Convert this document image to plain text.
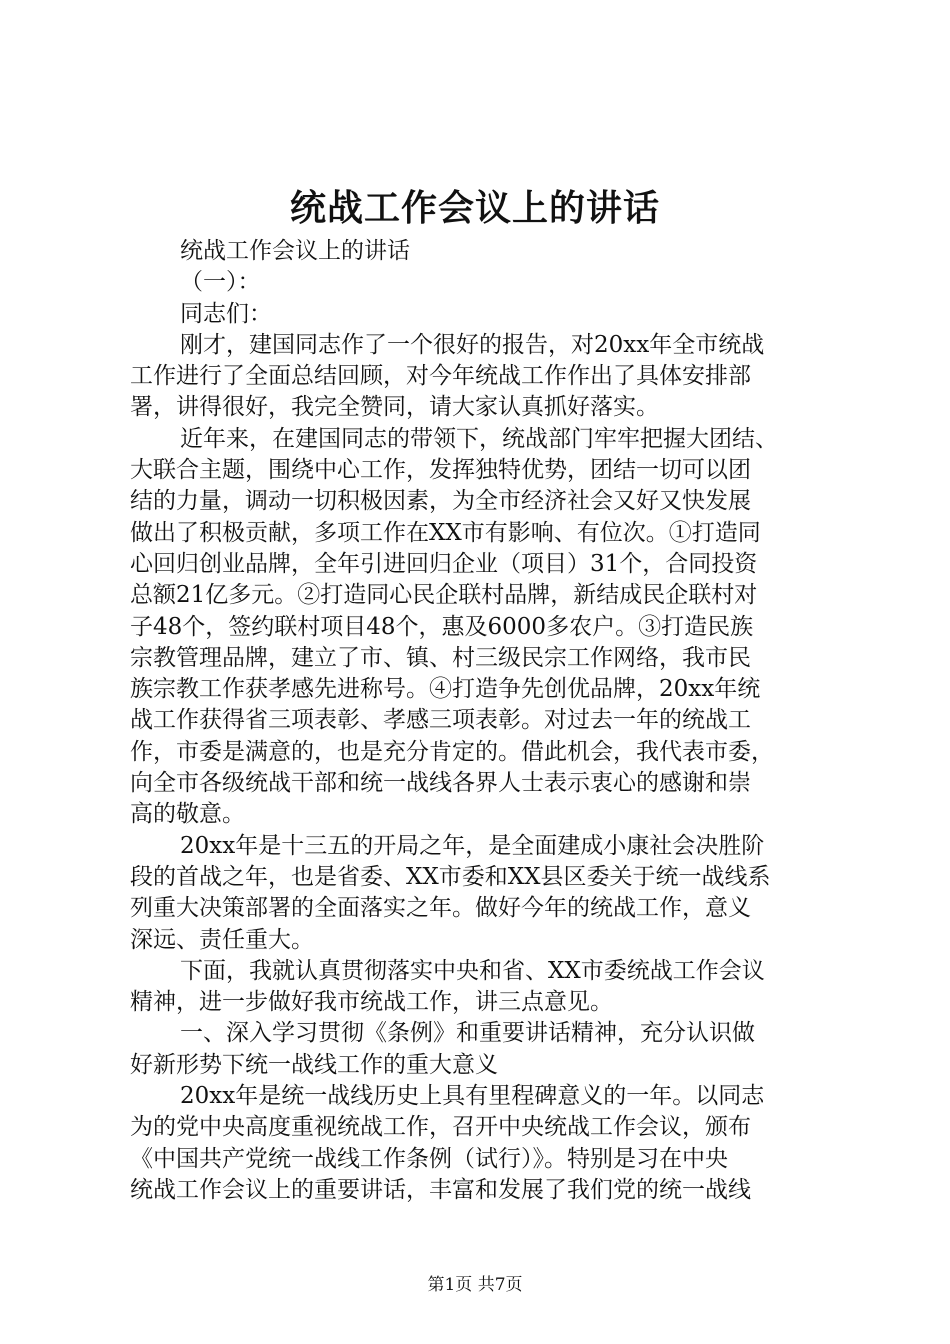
统战工作会议上的讲话
统战工作会议上的讲话
（一）：
同志们：
刚才，建国同志作了一个很好的报告，对20xx年全市统战
工作进行了全面总结回顾，对今年统战工作作出了具体安排部
署，讲得很好，我完全赞同，请大家认真抓好落实。
近年来，在建国同志的带领下，统战部门牢牢把握大团结、
大联合主题，围绕中心工作，发挥独特优势，团结一切可以团
结的力量，调动一切积极因素，为全市经济社会又好又快发展
做出了积极贡献，多项工作在XX市有影响、有位次。①打造同
心回归创业品牌，全年引进回归企业（项目）31个，合同投资
总额21亿多元。②打造同心民企联村品牌，新结成民企联村对
子48个，签约联村项目48个，惠及6000多农户。③打造民族
宗教管理品牌，建立了市、镇、村三级民宗工作网络，我市民
族宗教工作获孝感先进称号。④打造争先创优品牌，20xx年统
战工作获得省三项表彰、孝感三项表彰。对过去一年的统战工
作，市委是满意的，也是充分肯定的。借此机会，我代表市委，
向全市各级统战干部和统一战线各界人士表示衷心的感谢和崇
高的敬意。
20xx年是十三五的开局之年，是全面建成小康社会决胜阶
段的首战之年，也是省委、XX市委和XX县区委关于统一战线系
列重大决策部署的全面落实之年。做好今年的统战工作，意义
深远、责任重大。
下面，我就认真贯彻落实中央和省、XX市委统战工作会议
精神，进一步做好我市统战工作，讲三点意见。
一、深入学习贯彻《条例》和重要讲话精神，充分认识做
好新形势下统一战线工作的重大意义
20xx年是统一战线历史上具有里程碑意义的一年。以同志
为的党中央高度重视统战工作，召开中央统战工作会议，颁布
《中国共产党统一战线工作条例（试行）》。特别是习在中央
统战工作会议上的重要讲话，丰富和发展了我们党的统一战线
第1页 共7页
